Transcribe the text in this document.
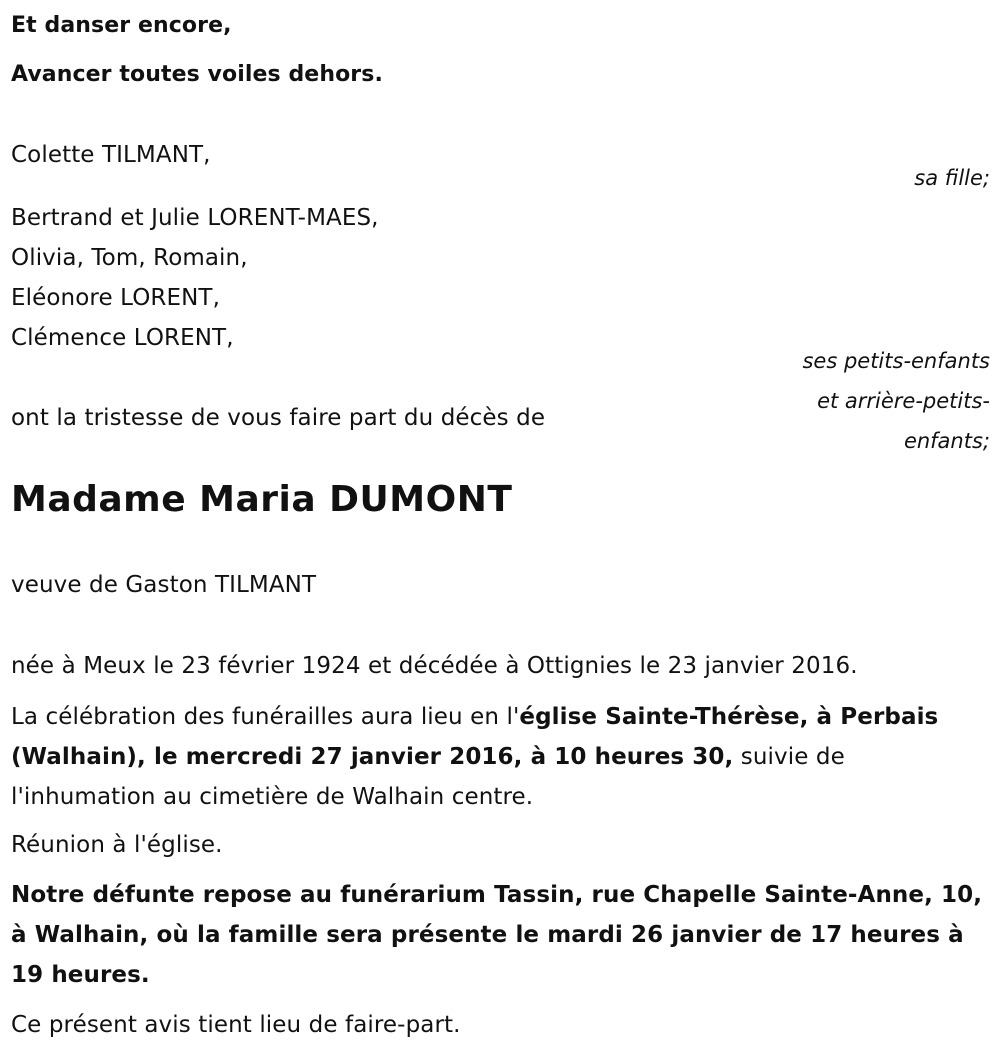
Et danser encore,
Avancer toutes voiles dehors.
Colette TILMANT,
sa fille;
Bertrand et Julie LORENT-MAES,
Olivia, Tom, Romain,
Eléonore LORENT,
Clémence LORENT,
ses petits-enfants
et arrière-petits-
enfants;
ont la tristesse de vous faire part du décès de
Madame Maria DUMONT
veuve de Gaston TILMANT
née à Meux le 23 février 1924 et décédée à Ottignies le 23 janvier 2016.
La célébration des funérailles aura lieu en l'église Sainte-Thérèse, à Perbais (Walhain), le mercredi 27 janvier 2016, à 10 heures 30, suivie de l'inhumation au cimetière de Walhain centre.
Réunion à l'église.
Notre défunte repose au funérarium Tassin, rue Chapelle Sainte-Anne, 10, à Walhain, où la famille sera présente le mardi 26 janvier de 17 heures à 19 heures.
Ce présent avis tient lieu de faire-part.
